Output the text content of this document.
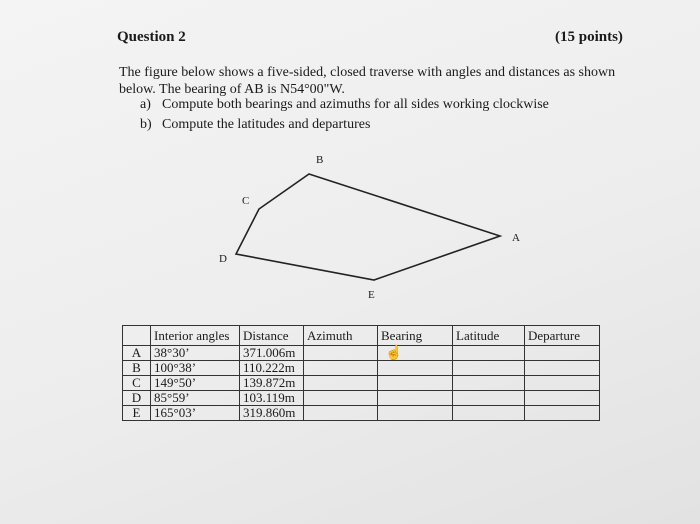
Question 2	(15 points)
The figure below shows a five-sided, closed traverse with angles and distances as shown below. The bearing of AB is N54°00"W.
a) Compute both bearings and azimuths for all sides working clockwise
b) Compute the latitudes and departures
B
C
A
D
E
	Interior angles	Distance	Azimuth	Bearing	Latitude	Departure
A	38°30’	371.006m				
B	100°38’	110.222m				
C	149°50’	139.872m				
D	85°59’	103.119m				
E	165°03’	319.860m				
☝
